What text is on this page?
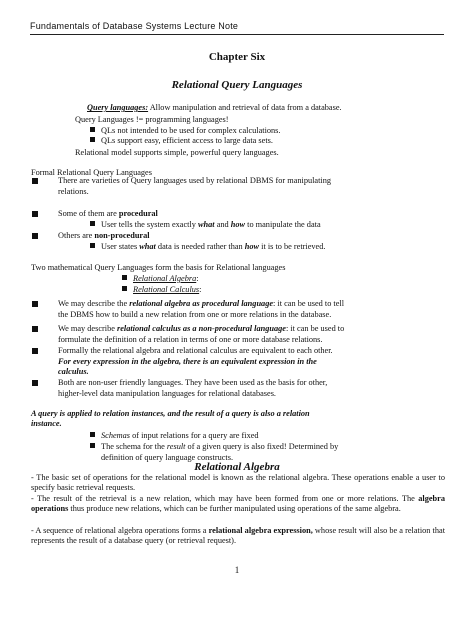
Fundamentals of Database Systems Lecture Note
Chapter Six
Relational Query Languages
Query languages: Allow manipulation and retrieval of data from a database.
Query Languages != programming languages!
QLs not intended to be used for complex calculations.
QLs support easy, efficient access to large data sets.
Relational model supports simple, powerful query languages.
Formal Relational Query Languages
There are varieties of Query languages used by relational DBMS for manipulating
relations.
Some of them are procedural
User tells the system exactly what and how to manipulate the data
Others are non-procedural
User states what data is needed rather than how it is to be retrieved.
Two mathematical Query Languages form the basis for Relational languages
Relational Algebra:
Relational Calculus:
We may describe the relational algebra as procedural language: it can be used to tell
the DBMS how to build a new relation from one or more relations in the database.
We may describe relational calculus as a non-procedural language: it can be used to
formulate the definition of a relation in terms of one or more database relations.
Formally the relational algebra and relational calculus are equivalent to each other.
For every expression in the algebra, there is an equivalent expression in the
calculus.
Both are non-user friendly languages. They have been used as the basis for other,
higher-level data manipulation languages for relational databases.
A query is applied to relation instances, and the result of a query is also a relation
instance.
Schemas of input relations for a query are fixed
The schema for the result of a given query is also fixed! Determined by
definition of query language constructs.
Relational Algebra
- The basic set of operations for the relational model is known as the relational algebra. These operations enable a user to specify basic retrieval requests.
- The result of the retrieval is a new relation, which may have been formed from one or more relations. The algebra operations thus produce new relations, which can be further manipulated using operations of the same algebra.
- A sequence of relational algebra operations forms a relational algebra expression, whose result will also be a relation that represents the result of a database query (or retrieval request).
1
